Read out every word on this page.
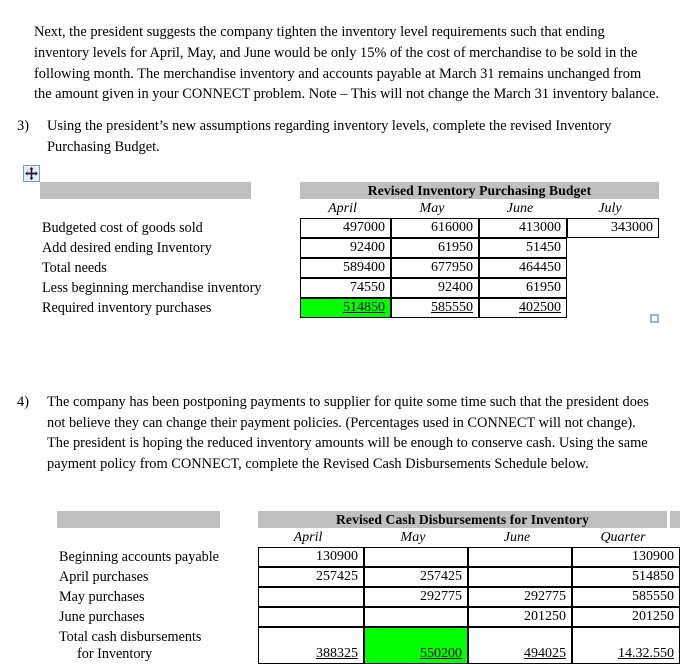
Next, the president suggests the company tighten the inventory level requirements such that ending inventory levels for April, May, and June would be only 15% of the cost of merchandise to be sold in the following month. The merchandise inventory and accounts payable at March 31 remains unchanged from the amount given in your CONNECT problem. Note – This will not change the March 31 inventory balance.

3)	Using the president’s new assumptions regarding inventory levels, complete the revised Inventory Purchasing Budget.
		Revised Inventory Purchasing Budget			
		April	May	June	July
Budgeted cost of goods sold		497000	616000	413000	343000
Add desired ending Inventory		92400	61950	51450	
Total needs		589400	677950	464450	
Less beginning merchandise inventory		74550	92400	61950	
Required inventory purchases		514850	585550	402500	
4)	The company has been postponing payments to supplier for quite some time such that the president does not believe they can change their payment policies. (Percentages used in CONNECT will not change). The president is hoping the reduced inventory amounts will be enough to conserve cash. Using the same payment policy from CONNECT, complete the Revised Cash Disbursements Schedule below.
		Revised Cash Disbursements for Inventory					
		April	May	June	Quarter		
Beginning accounts payable		130900			130900		
April purchases		257425	257425		514850		
May purchases			292775	292775	585550		
June purchases				201250	201250		
Total cash disbursements
for Inventory		388325	550200	494025	14.32.550		
